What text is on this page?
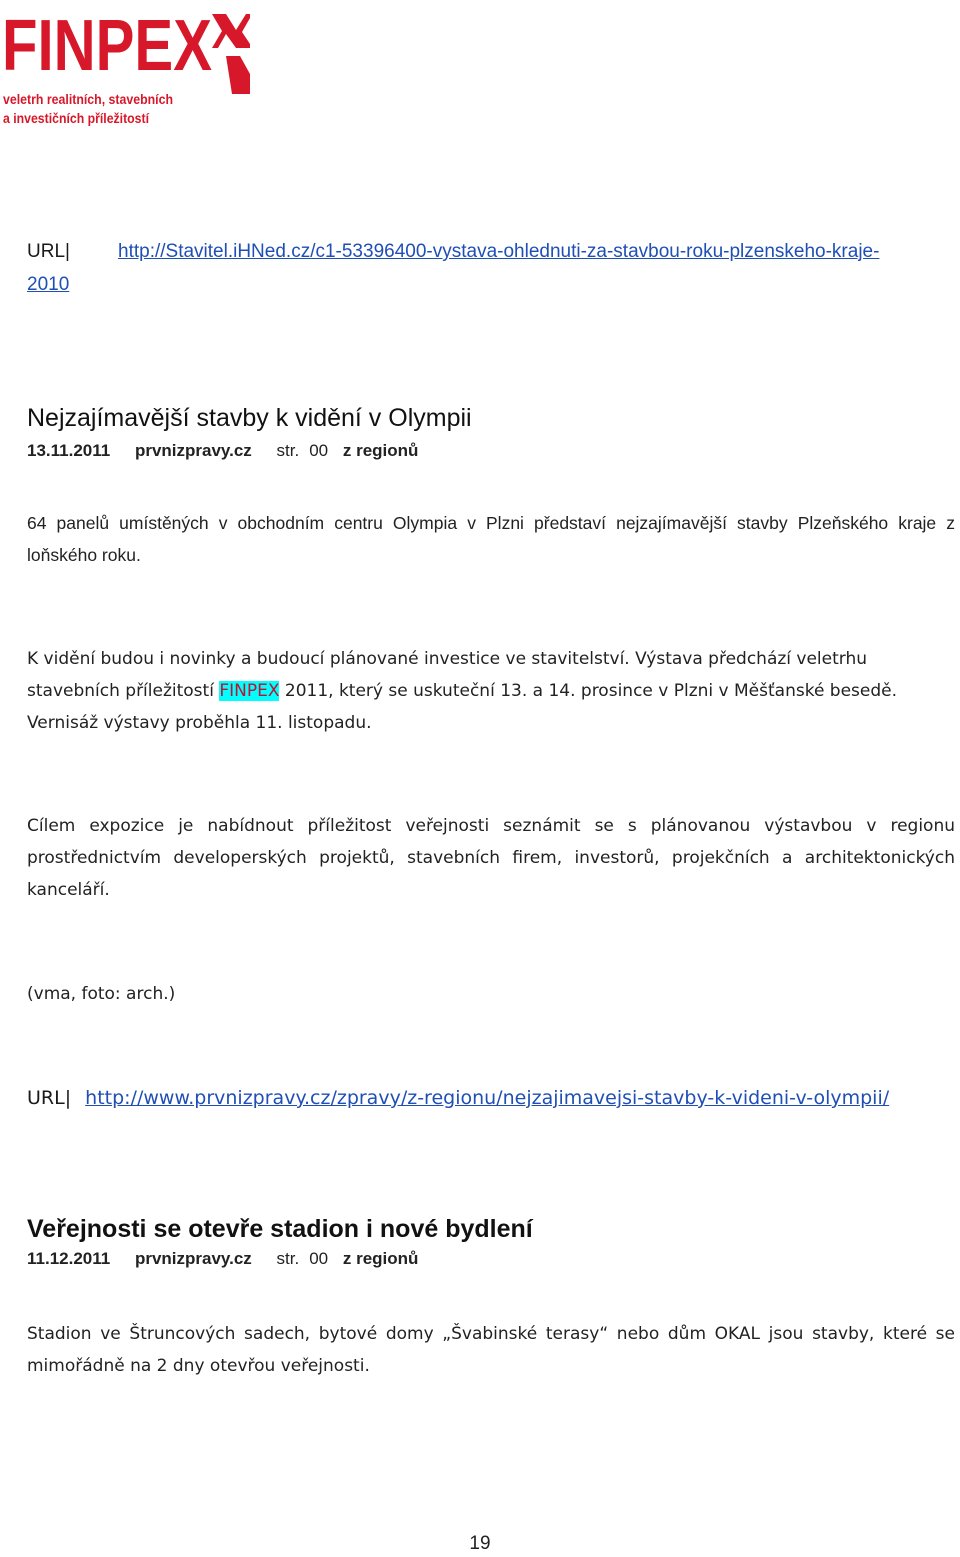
FINPEX
veletrh realitních, stavebních
a investičních příležitostí
URL|	http://Stavitel.iHNed.cz/c1-53396400-vystava-ohlednuti-za-stavbou-roku-plzenskeho-kraje-
2010
Nejzajímavější stavby k vidění v Olympii
13.11.2011 prvnizpravy.cz str. 00 z regionů
64 panelů umístěných v obchodním centru Olympia v Plzni představí nejzajímavější stavby Plzeňského kraje z loňského roku.
K vidění budou i novinky a budoucí plánované investice ve stavitelství. Výstava předchází veletrhu stavebních příležitostí FINPEX 2011, který se uskuteční 13. a 14. prosince v Plzni v Měšťanské besedě. Vernisáž výstavy proběhla 11. listopadu.
Cílem expozice je nabídnout příležitost veřejnosti seznámit se s plánovanou výstavbou v regionu prostřednictvím developerských projektů, stavebních firem, investorů, projekčních a architektonických kanceláří.
(vma, foto: arch.)
URL| http://www.prvnizpravy.cz/zpravy/z-regionu/nejzajimavejsi-stavby-k-videni-v-olympii/
Veřejnosti se otevře stadion i nové bydlení
11.12.2011 prvnizpravy.cz str. 00 z regionů
Stadion ve Štruncových sadech, bytové domy „Švabinské terasy“ nebo dům OKAL jsou stavby, které se mimořádně na 2 dny otevřou veřejnosti.
19
